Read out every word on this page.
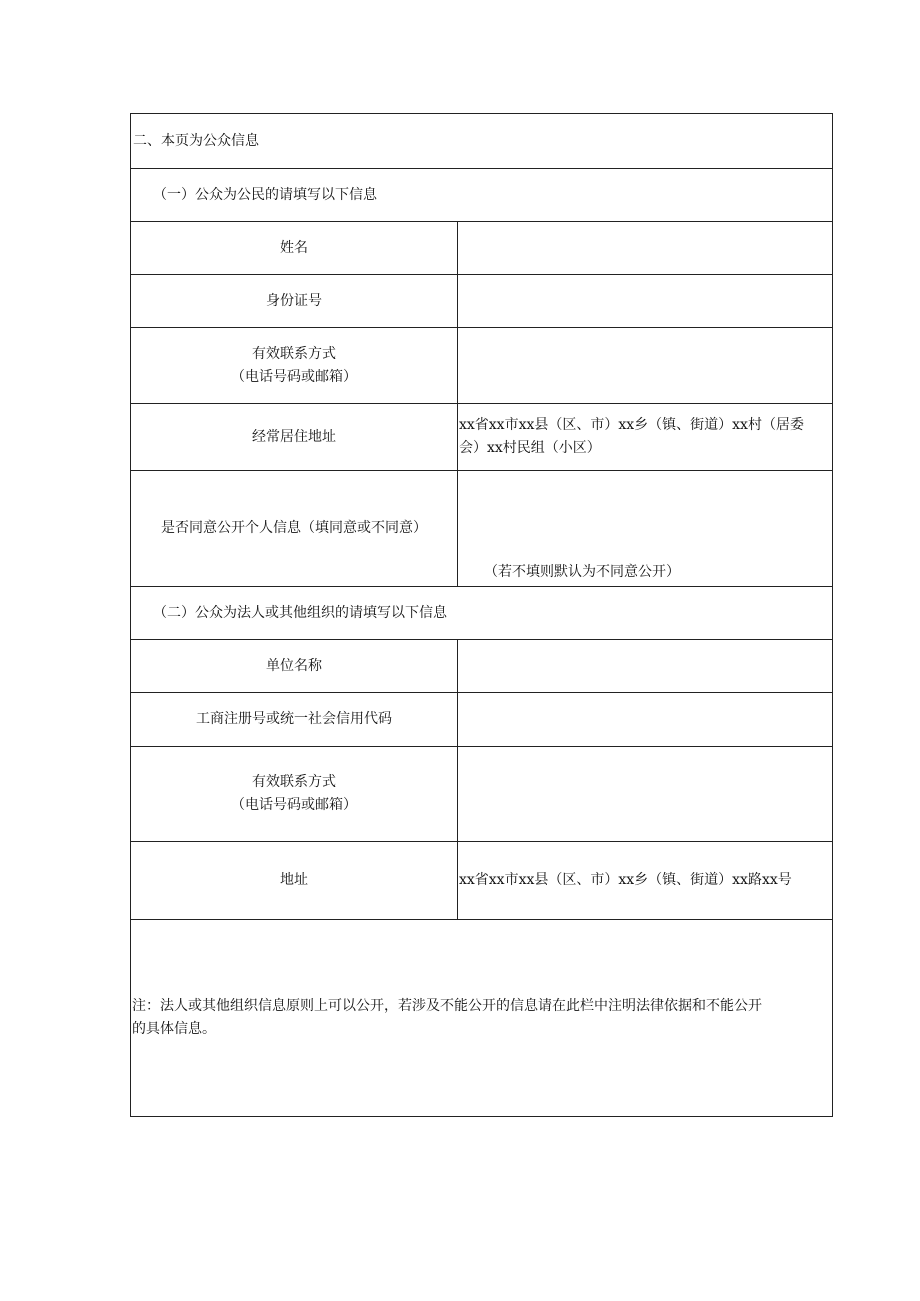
二、本页为公众信息	
（一）公众为公民的请填写以下信息	
姓名	
身份证号	

有效联系方式
（电话号码或邮箱）	

经常居住地址	xx省xx市xx县（区、市）xx乡（镇、街道）xx村（居委
会）xx村民组（小区）

是否同意公开个人信息（填同意或不同意）	（若不填则默认为不同意公开）
（二）公众为法人或其他组织的请填写以下信息	
单位名称	
工商注册号或统一社会信用代码	

有效联系方式
（电话号码或邮箱）	

地址	xx省xx市xx县（区、市）xx乡（镇、街道）xx路xx号

注：法人或其他组织信息原则上可以公开，若涉及不能公开的信息请在此栏中注明法律依据和不能公开
的具体信息。	
